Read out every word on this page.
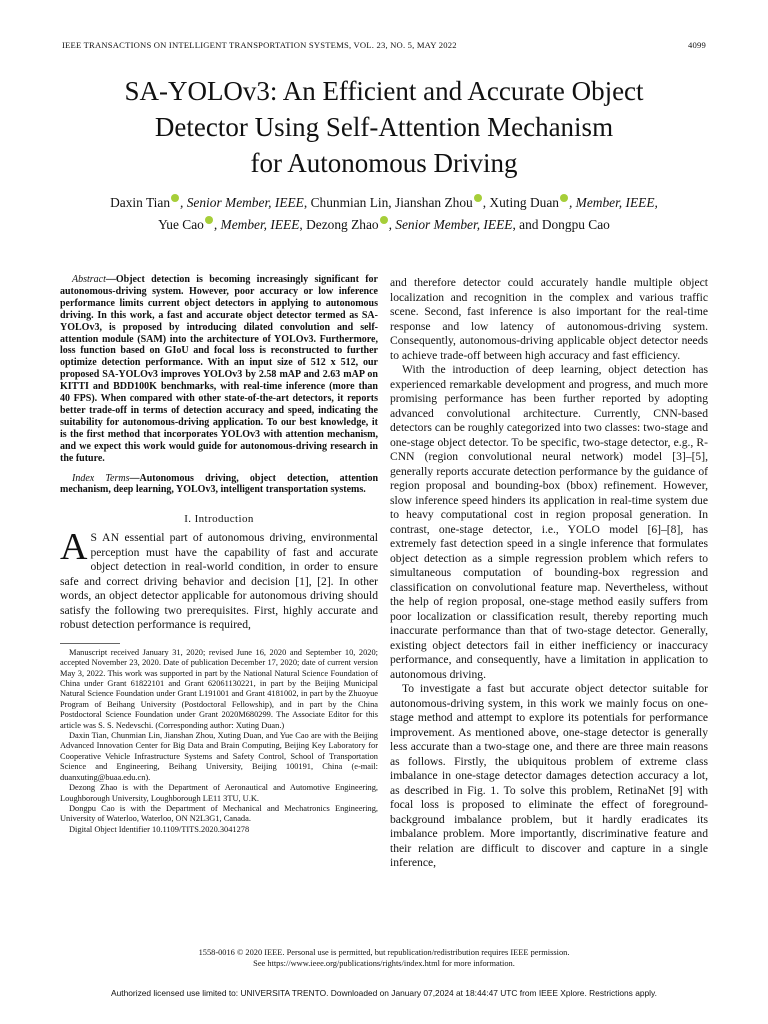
IEEE TRANSACTIONS ON INTELLIGENT TRANSPORTATION SYSTEMS, VOL. 23, NO. 5, MAY 2022	4099
SA-YOLOv3: An Efficient and Accurate Object
Detector Using Self-Attention Mechanism
for Autonomous Driving
Daxin Tian , Senior Member, IEEE, Chunmian Lin, Jianshan Zhou , Xuting Duan , Member, IEEE,
Yue Cao , Member, IEEE, Dezong Zhao , Senior Member, IEEE, and Dongpu Cao

Abstract—Object detection is becoming increasingly significant for autonomous-driving system. However, poor accuracy or low inference performance limits current object detectors in applying to autonomous driving. In this work, a fast and accurate object detector termed as SA-YOLOv3, is proposed by introducing dilated convolution and self-attention module (SAM) into the architecture of YOLOv3. Furthermore, loss function based on GIoU and focal loss is reconstructed to further optimize detection performance. With an input size of 512 x 512, our proposed SA-YOLOv3 improves YOLOv3 by 2.58 mAP and 2.63 mAP on KITTI and BDD100K benchmarks, with real-time inference (more than 40 FPS). When compared with other state-of-the-art detectors, it reports better trade-off in terms of detection accuracy and speed, indicating the suitability for autonomous-driving application. To our best knowledge, it is the first method that incorporates YOLOv3 with attention mechanism, and we expect this work would guide for autonomous-driving research in the future.

Index Terms—Autonomous driving, object detection, attention mechanism, deep learning, YOLOv3, intelligent transportation systems.

I. Introduction

A S AN essential part of autonomous driving, environmental perception must have the capability of fast and accurate object detection in real-world condition, in order to ensure safe and correct driving behavior and decision [1], [2]. In other words, an object detector applicable for autonomous driving should satisfy the following two prerequisites. First, highly accurate and robust detection performance is required,

Manuscript received January 31, 2020; revised June 16, 2020 and September 10, 2020; accepted November 23, 2020. Date of publication December 17, 2020; date of current version May 3, 2022. This work was supported in part by the National Natural Science Foundation of China under Grant 61822101 and Grant 62061130221, in part by the Beijing Municipal Natural Science Foundation under Grant L191001 and Grant 4181002, in part by the Zhuoyue Program of Beihang University (Postdoctoral Fellowship), and in part by the China Postdoctoral Science Foundation under Grant 2020M680299. The Associate Editor for this article was S. S. Nedevschi. (Corresponding author: Xuting Duan.)

Daxin Tian, Chunmian Lin, Jianshan Zhou, Xuting Duan, and Yue Cao are with the Beijing Advanced Innovation Center for Big Data and Brain Computing, Beijing Key Laboratory for Cooperative Vehicle Infrastructure Systems and Safety Control, School of Transportation Science and Engineering, Beihang University, Beijing 100191, China (e-mail: duanxuting@buaa.edu.cn).

Dezong Zhao is with the Department of Aeronautical and Automotive Engineering, Loughborough University, Loughborough LE11 3TU, U.K.

Dongpu Cao is with the Department of Mechanical and Mechatronics Engineering, University of Waterloo, Waterloo, ON N2L3G1, Canada.

Digital Object Identifier 10.1109/TITS.2020.3041278

and therefore detector could accurately handle multiple object localization and recognition in the complex and various traffic scene. Second, fast inference is also important for the real-time response and low latency of autonomous-driving system. Consequently, autonomous-driving applicable object detector needs to achieve trade-off between high accuracy and fast efficiency.

With the introduction of deep learning, object detection has experienced remarkable development and progress, and much more promising performance has been further reported by adopting advanced convolutional architecture. Currently, CNN-based detectors can be roughly categorized into two classes: two-stage and one-stage object detector. To be specific, two-stage detector, e.g., R-CNN (region convolutional neural network) model [3]–[5], generally reports accurate detection performance by the guidance of region proposal and bounding-box (bbox) refinement. However, slow inference speed hinders its application in real-time system due to heavy computational cost in region proposal generation. In contrast, one-stage detector, i.e., YOLO model [6]–[8], has extremely fast detection speed in a single inference that formulates object detection as a simple regression problem which refers to simultaneous computation of bounding-box regression and classification on convolutional feature map. Nevertheless, without the help of region proposal, one-stage method easily suffers from poor localization or classification result, thereby reporting much inaccurate performance than that of two-stage detector. Generally, existing object detectors fail in either inefficiency or inaccuracy performance, and consequently, have a limitation in application to autonomous driving.

To investigate a fast but accurate object detector suitable for autonomous-driving system, in this work we mainly focus on one-stage method and attempt to explore its potentials for performance improvement. As mentioned above, one-stage detector is generally less accurate than a two-stage one, and there are three main reasons as follows. Firstly, the ubiquitous problem of extreme class imbalance in one-stage detector damages detection accuracy a lot, as described in Fig. 1. To solve this problem, RetinaNet [9] with focal loss is proposed to eliminate the effect of foreground-background imbalance problem, but it hardly eradicates its imbalance problem. More importantly, discriminative feature and their relation are difficult to discover and capture in a single inference,

1558-0016 © 2020 IEEE. Personal use is permitted, but republication/redistribution requires IEEE permission.
See https://www.ieee.org/publications/rights/index.html for more information.
Authorized licensed use limited to: UNIVERSITA TRENTO. Downloaded on January 07,2024 at 18:44:47 UTC from IEEE Xplore. Restrictions apply.
